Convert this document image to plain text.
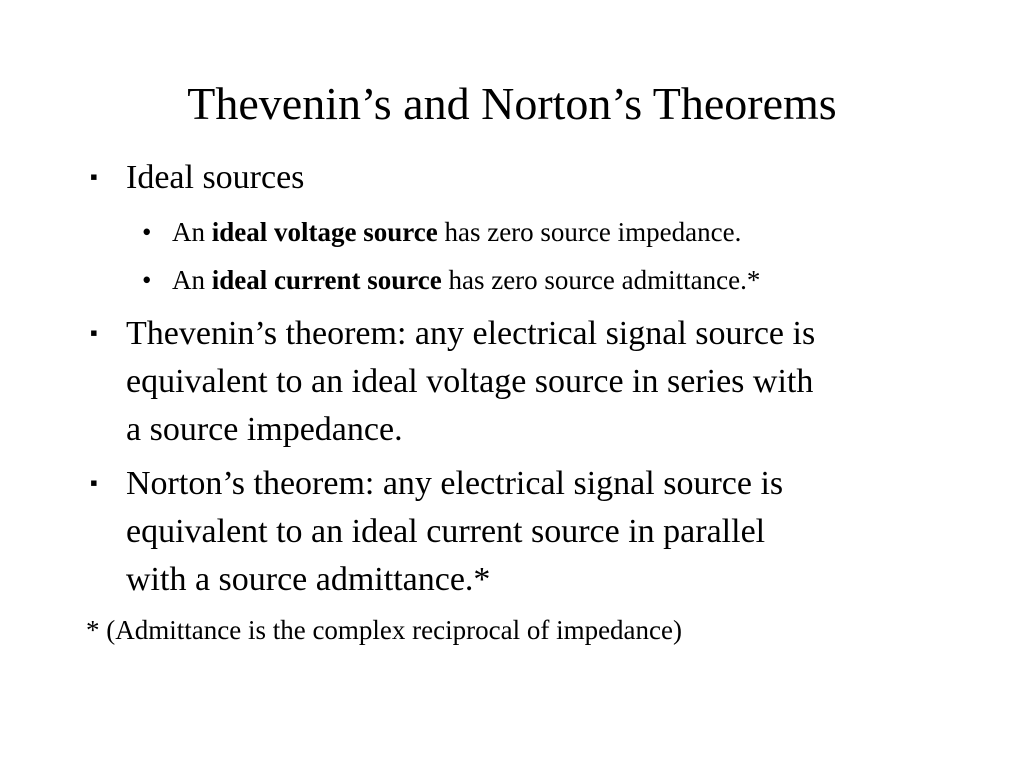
Thevenin’s and Norton’s Theorems
▪ Ideal sources
• An ideal voltage source has zero source impedance.
• An ideal current source has zero source admittance.*
▪ Thevenin’s theorem: any electrical signal source is
equivalent to an ideal voltage source in series with
a source impedance.
▪ Norton’s theorem: any electrical signal source is
equivalent to an ideal current source in parallel
with a source admittance.*
* (Admittance is the complex reciprocal of impedance)
